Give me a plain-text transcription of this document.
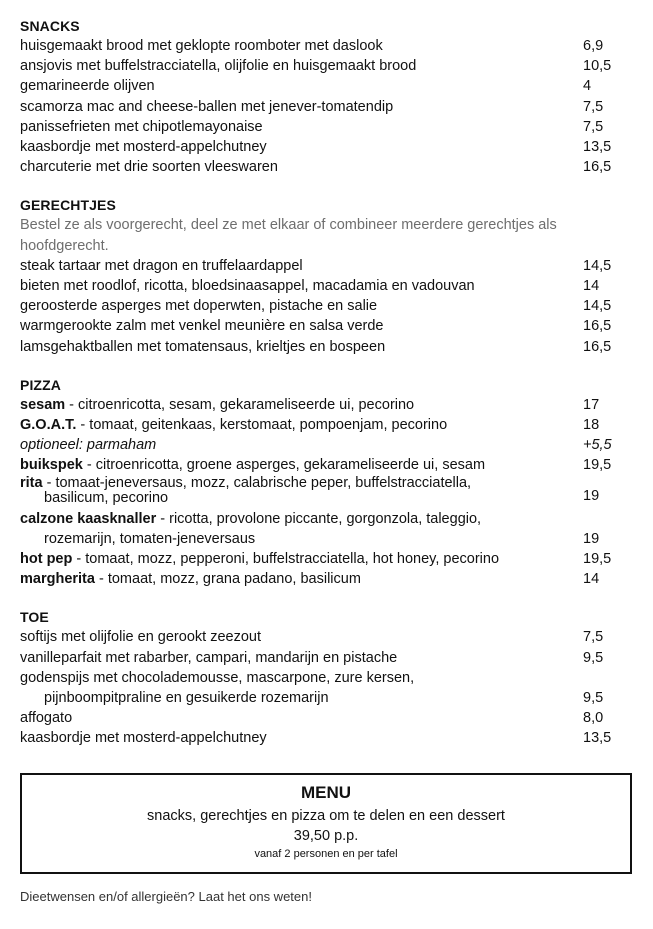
SNACKS
huisgemaakt brood met geklopte roomboter met daslook	6,9
ansjovis met buffelstracciatella, olijfolie en huisgemaakt brood	10,5
gemarineerde olijven	4
scamorza mac and cheese-ballen met jenever-tomatendip	7,5
panissefrieten met chipotlemayonaise	7,5
kaasbordje met mosterd-appelchutney	13,5
charcuterie met drie soorten vleeswaren	16,5
GERECHTJES
Bestel ze als voorgerecht, deel ze met elkaar of combineer meerdere gerechtjes als hoofdgerecht.
steak tartaar met dragon en truffelaardappel	14,5
bieten met roodlof, ricotta, bloedsinaasappel, macadamia en vadouvan	14
geroosterde asperges met doperwten, pistache en salie	14,5
warmgerookte zalm met venkel meunière en salsa verde	16,5
lamsgehaktballen met tomatensaus, krieltjes en bospeen	16,5
PIZZA
sesam - citroenricotta, sesam, gekarameliseerde ui, pecorino	17
G.O.A.T. - tomaat, geitenkaas, kerstomaat, pompoenjam, pecorino	18
optioneel: parmaham	+5,5
buikspek - citroenricotta, groene asperges, gekarameliseerde ui, sesam	19,5
rita - tomaat-jeneversaus, mozz, calabrische peper, buffelstracciatella,
basilicum, pecorino	19
calzone kaasknaller - ricotta, provolone piccante, gorgonzola, taleggio,
rozemarijn, tomaten-jeneversaus	19
hot pep - tomaat, mozz, pepperoni, buffelstracciatella, hot honey, pecorino	19,5
margherita - tomaat, mozz, grana padano, basilicum	14
TOE
softijs met olijfolie en gerookt zeezout	7,5
vanilleparfait met rabarber, campari, mandarijn en pistache	9,5
godenspijs met chocolademousse, mascarpone, zure kersen,
pijnboompitpraline en gesuikerde rozemarijn	9,5
affogato	8,0
kaasbordje met mosterd-appelchutney	13,5
MENU
snacks, gerechtjes en pizza om te delen en een dessert
39,50 p.p.
vanaf 2 personen en per tafel
Dieetwensen en/of allergieën? Laat het ons weten!
